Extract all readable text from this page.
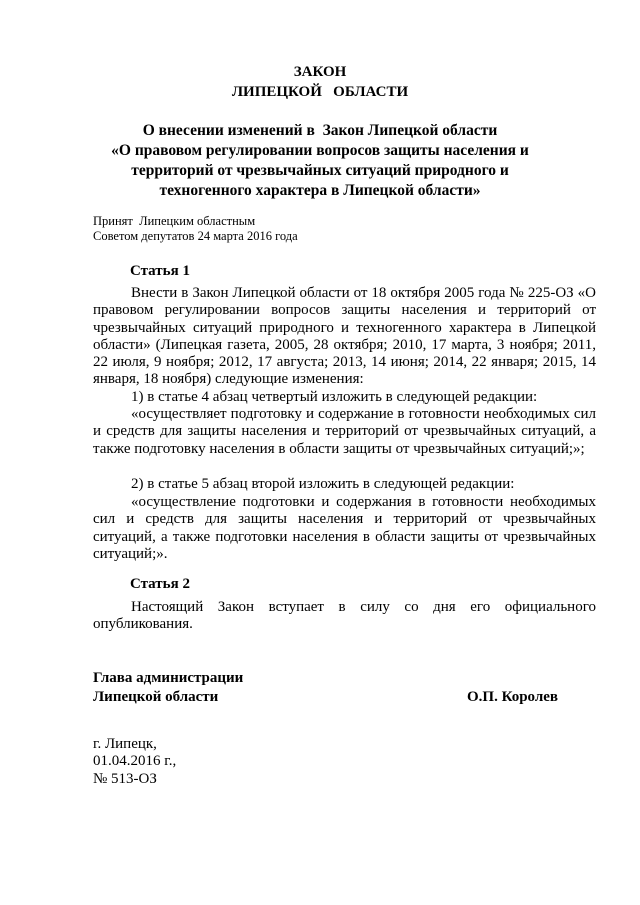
ЗАКОН
ЛИПЕЦКОЙ   ОБЛАСТИ
О внесении изменений в  Закон Липецкой области
«О правовом регулировании вопросов защиты населения и
территорий от чрезвычайных ситуаций природного и
техногенного характера в Липецкой области»
Принят  Липецким областным
Советом депутатов 24 марта 2016 года
Статья 1
Внести в Закон Липецкой области от 18 октября 2005 года № 225-ОЗ «О правовом регулировании вопросов защиты населения и территорий от чрезвычайных ситуаций природного и техногенного характера в Липецкой области» (Липецкая газета, 2005, 28 октября; 2010, 17 марта, 3 ноября; 2011, 22 июля, 9 ноября; 2012, 17 августа; 2013, 14 июня; 2014, 22 января; 2015, 14 января, 18 ноября) следующие изменения:
1) в статье 4 абзац четвертый изложить в следующей редакции:
«осуществляет подготовку и содержание в готовности необходимых сил и средств для защиты населения и территорий от чрезвычайных ситуаций, а также подготовку населения в области защиты от чрезвычайных ситуаций;»;
2) в статье 5 абзац второй изложить в следующей редакции:
«осуществление подготовки и содержания в готовности необходимых сил и средств для защиты населения и территорий от чрезвычайных ситуаций, а также подготовки населения в области защиты от чрезвычайных ситуаций;».
Статья 2
Настоящий Закон вступает в силу со дня его официального опубликования.
Глава администрации
Липецкой области	О.П. Королев
г. Липецк,
01.04.2016 г.,
№ 513-ОЗ
